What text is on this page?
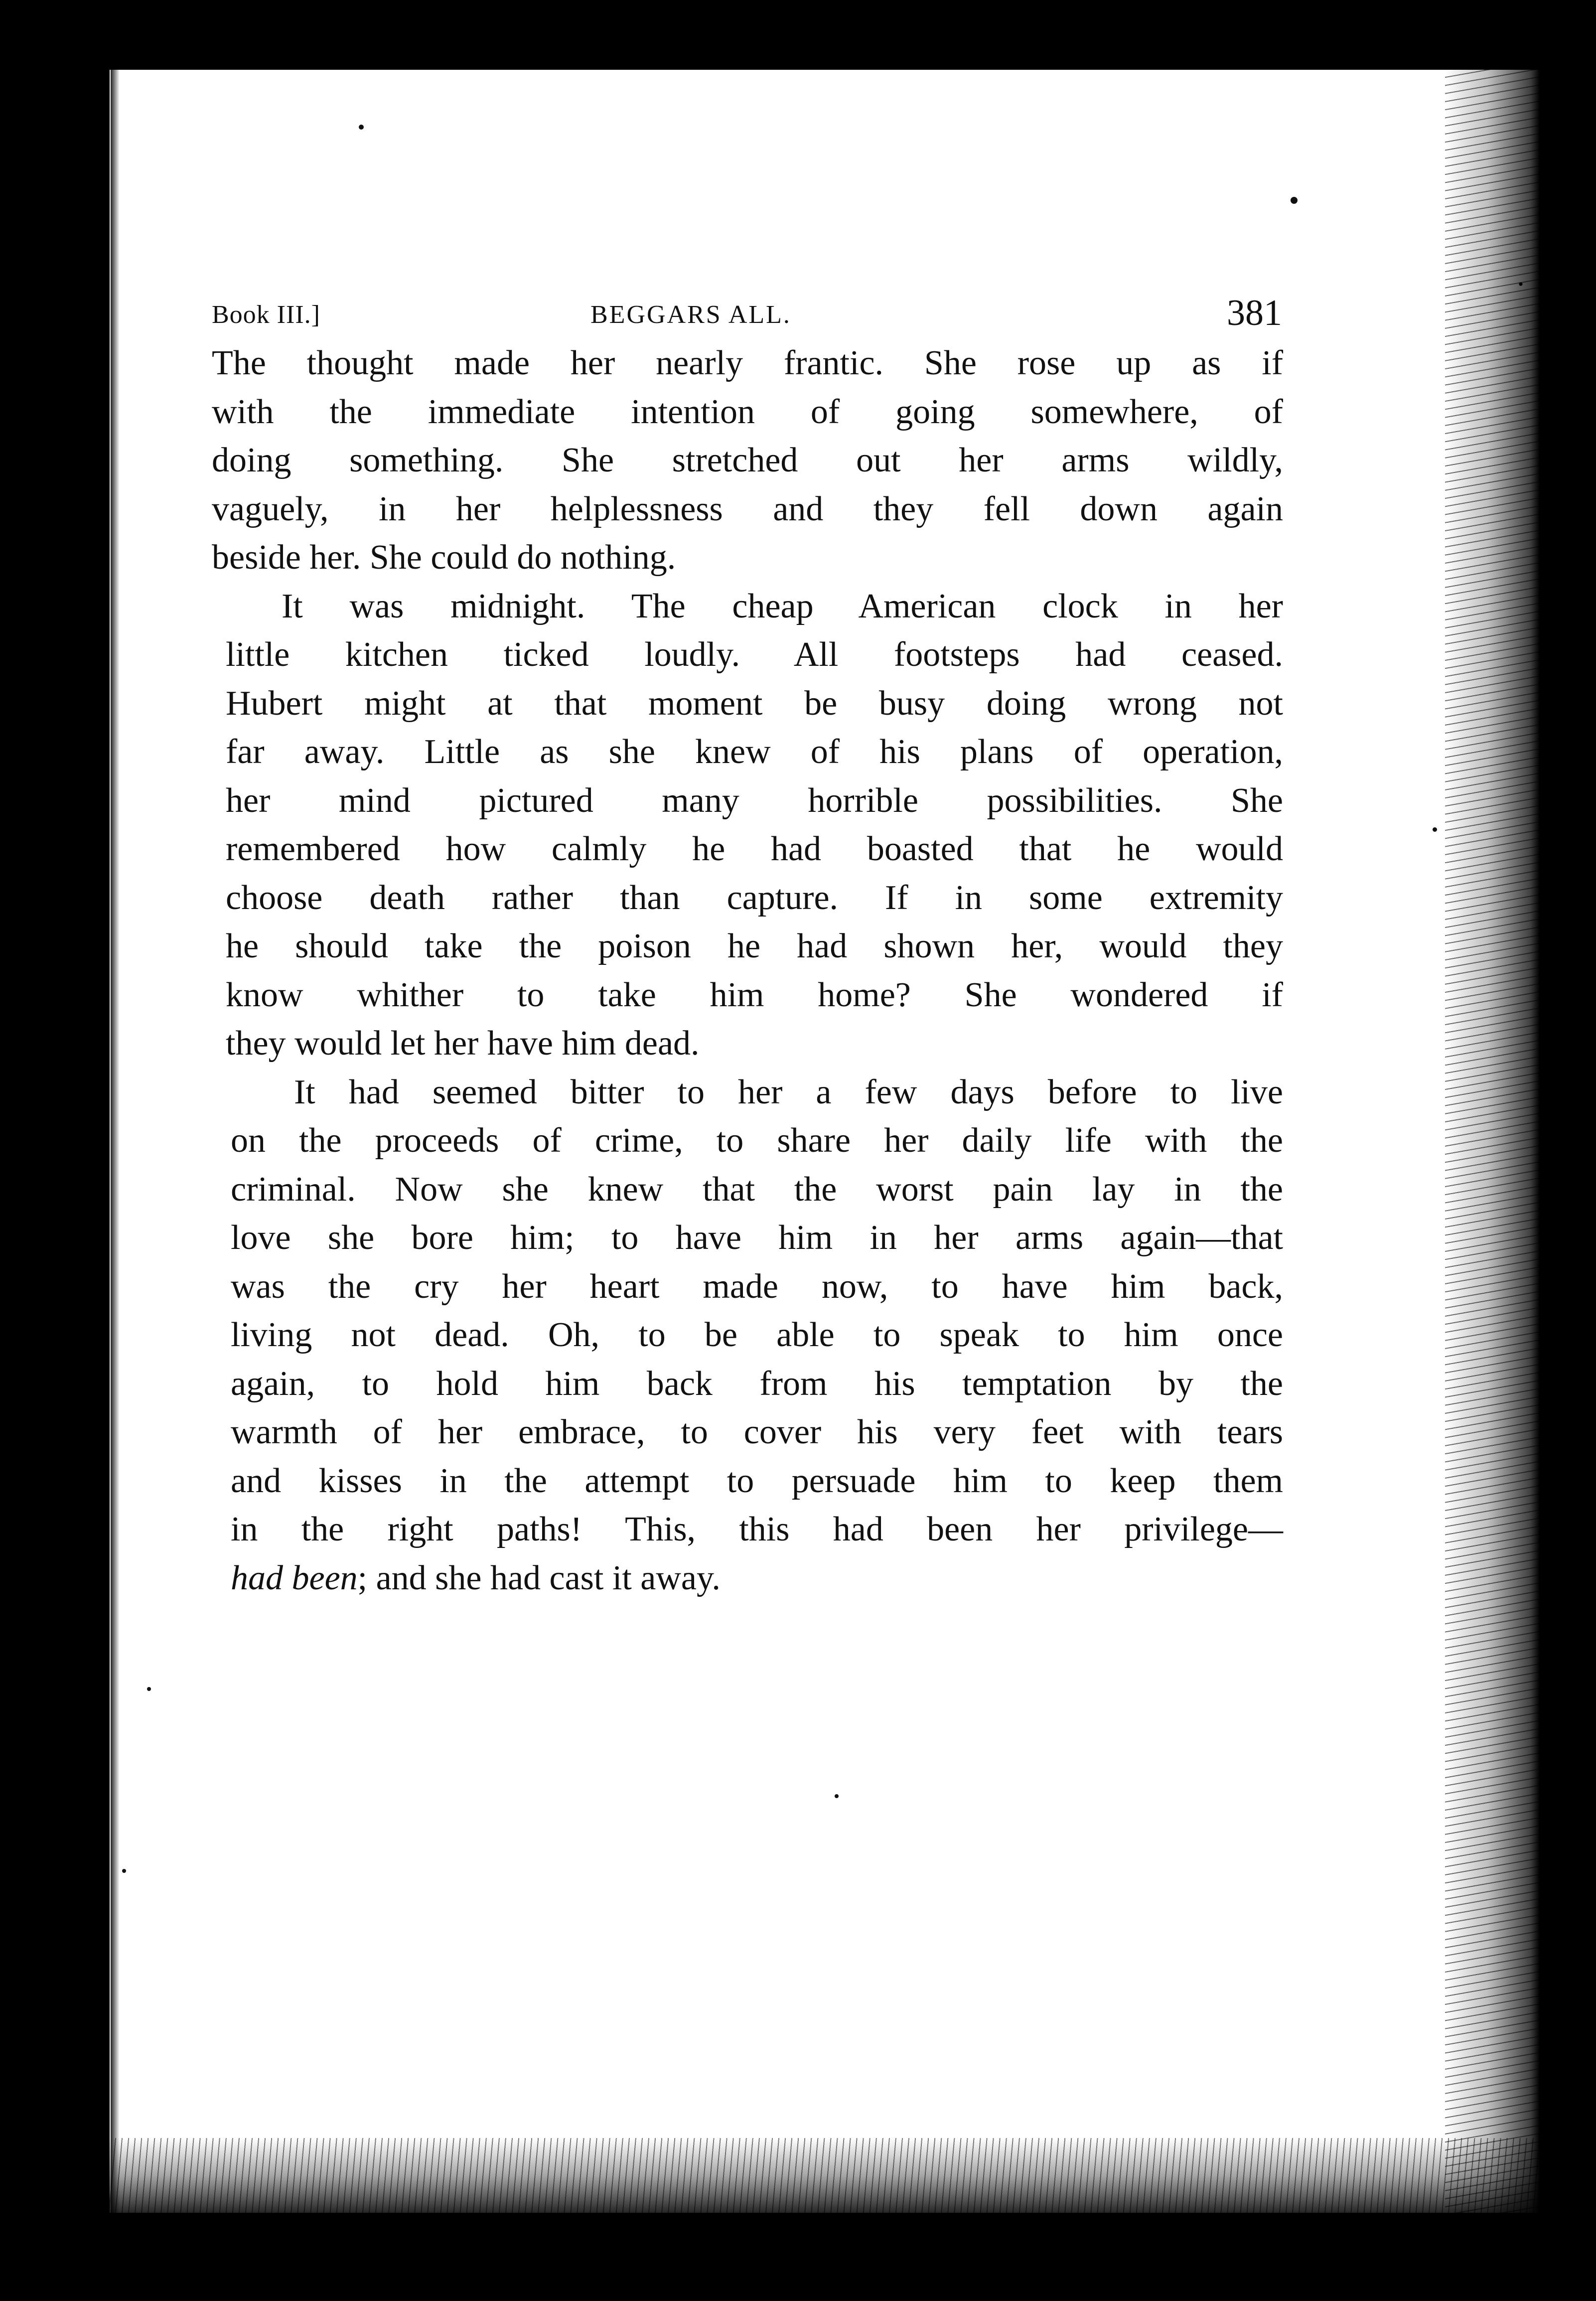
Book III.]	BEGGARS ALL.	381
The thought made her nearly frantic. She rose up as if
with the immediate intention of going somewhere, of
doing something. She stretched out her arms wildly,
vaguely, in her helplessness and they fell down again
beside her. She could do nothing.
It was midnight. The cheap American clock in her
little kitchen ticked loudly. All footsteps had ceased.
Hubert might at that moment be busy doing wrong not
far away. Little as she knew of his plans of operation,
her mind pictured many horrible possibilities. She
remembered how calmly he had boasted that he would
choose death rather than capture. If in some extremity
he should take the poison he had shown her, would they
know whither to take him home? She wondered if
they would let her have him dead.
It had seemed bitter to her a few days before to live
on the proceeds of crime, to share her daily life with the
criminal. Now she knew that the worst pain lay in the
love she bore him; to have him in her arms again—that
was the cry her heart made now, to have him back,
living not dead. Oh, to be able to speak to him once
again, to hold him back from his temptation by the
warmth of her embrace, to cover his very feet with tears
and kisses in the attempt to persuade him to keep them
in the right paths! This, this had been her privilege—
had been; and she had cast it away.
